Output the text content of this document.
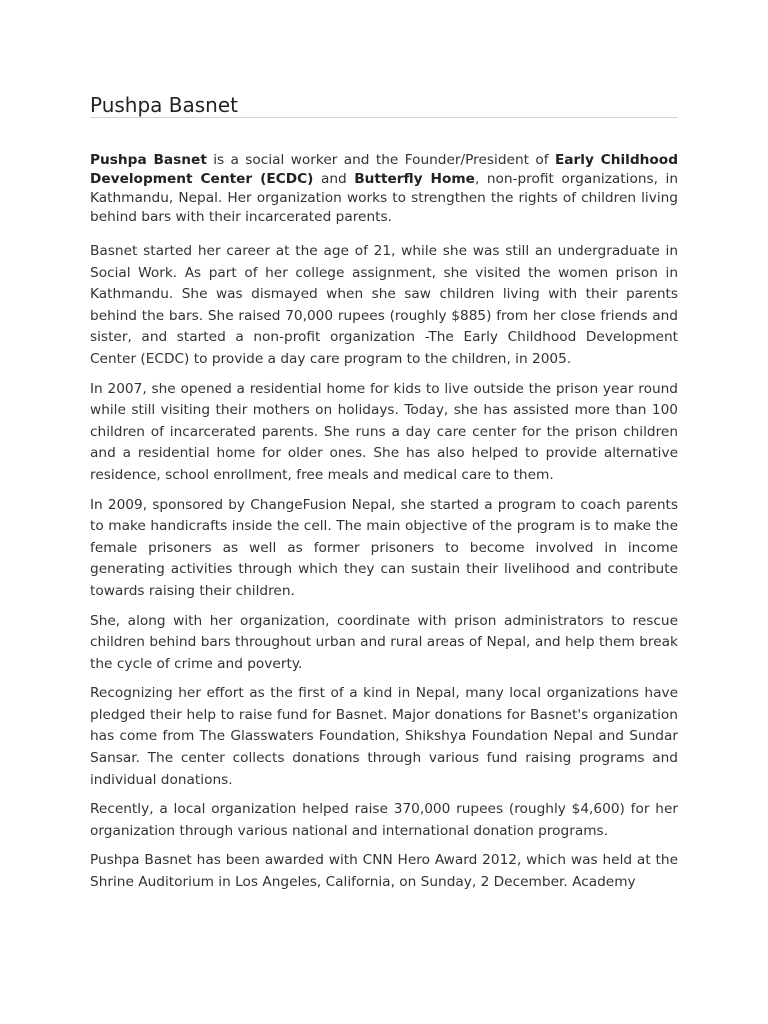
Pushpa Basnet

Pushpa Basnet is a social worker and the Founder/President of Early Childhood Development Center (ECDC) and Butterfly Home, non-profit organizations, in Kathmandu, Nepal. Her organization works to strengthen the rights of children living behind bars with their incarcerated parents.

Basnet started her career at the age of 21, while she was still an undergraduate in Social Work. As part of her college assignment, she visited the women prison in Kathmandu. She was dismayed when she saw children living with their parents behind the bars. She raised 70,000 rupees (roughly $885) from her close friends and sister, and started a non-profit organization -The Early Childhood Development Center (ECDC) to provide a day care program to the children, in 2005.

In 2007, she opened a residential home for kids to live outside the prison year round while still visiting their mothers on holidays. Today, she has assisted more than 100 children of incarcerated parents. She runs a day care center for the prison children and a residential home for older ones. She has also helped to provide alternative residence, school enrollment, free meals and medical care to them.

In 2009, sponsored by ChangeFusion Nepal, she started a program to coach parents to make handicrafts inside the cell. The main objective of the program is to make the female prisoners as well as former prisoners to become involved in income generating activities through which they can sustain their livelihood and contribute towards raising their children.

She, along with her organization, coordinate with prison administrators to rescue children behind bars throughout urban and rural areas of Nepal, and help them break the cycle of crime and poverty.

Recognizing her effort as the first of a kind in Nepal, many local organizations have pledged their help to raise fund for Basnet. Major donations for Basnet's organization has come from The Glasswaters Foundation, Shikshya Foundation Nepal and Sundar Sansar. The center collects donations through various fund raising programs and individual donations.

Recently, a local organization helped raise 370,000 rupees (roughly $4,600) for her organization through various national and international donation programs.

Pushpa Basnet has been awarded with CNN Hero Award 2012, which was held at the Shrine Auditorium in Los Angeles, California, on Sunday, 2 December. Academy
